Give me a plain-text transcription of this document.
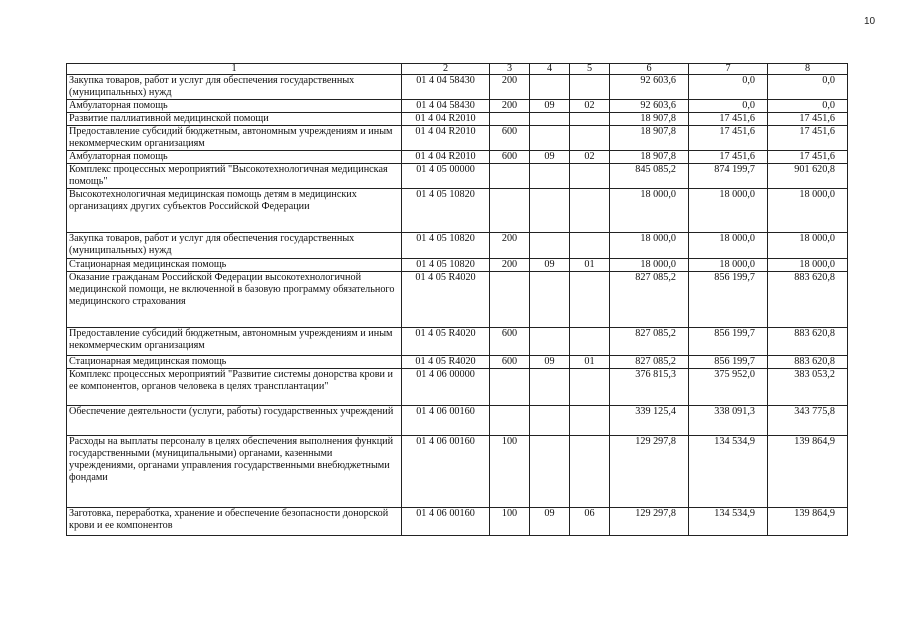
10
1	2	3	4	5	6	7	8
Закупка товаров, работ и услуг для обеспечения государственных (муниципальных) нужд	01 4 04 58430	200			92 603,6	0,0	0,0
Амбулаторная помощь	01 4 04 58430	200	09	02	92 603,6	0,0	0,0
Развитие паллиативной медицинской помощи	01 4 04 R2010				18 907,8	17 451,6	17 451,6
Предоставление субсидий бюджетным, автономным учреждениям и иным некоммерческим организациям	01 4 04 R2010	600			18 907,8	17 451,6	17 451,6
Амбулаторная помощь	01 4 04 R2010	600	09	02	18 907,8	17 451,6	17 451,6
Комплекс процессных мероприятий "Высокотехнологичная медицинская помощь"	01 4 05 00000				845 085,2	874 199,7	901 620,8
Высокотехнологичная медицинская помощь детям в медицинских организациях других субъектов Российской Федерации	01 4 05 10820				18 000,0	18 000,0	18 000,0
Закупка товаров, работ и услуг для обеспечения государственных (муниципальных) нужд	01 4 05 10820	200			18 000,0	18 000,0	18 000,0
Стационарная медицинская помощь	01 4 05 10820	200	09	01	18 000,0	18 000,0	18 000,0
Оказание гражданам Российской Федерации высокотехнологичной медицинской помощи, не включенной в базовую программу обязательного медицинского страхования	01 4 05 R4020				827 085,2	856 199,7	883 620,8
Предоставление субсидий бюджетным, автономным учреждениям и иным некоммерческим организациям	01 4 05 R4020	600			827 085,2	856 199,7	883 620,8
Стационарная медицинская помощь	01 4 05 R4020	600	09	01	827 085,2	856 199,7	883 620,8
Комплекс процессных мероприятий "Развитие системы донорства крови и ее компонентов, органов человека в целях трансплантации"	01 4 06 00000				376 815,3	375 952,0	383 053,2
Обеспечение деятельности (услуги, работы) государственных учреждений	01 4 06 00160				339 125,4	338 091,3	343 775,8
Расходы на выплаты персоналу в целях обеспечения выполнения функций государственными (муниципальными) органами, казенными учреждениями, органами управления государственными внебюджетными фондами	01 4 06 00160	100			129 297,8	134 534,9	139 864,9
Заготовка, переработка, хранение и обеспечение безопасности донорской крови и ее компонентов	01 4 06 00160	100	09	06	129 297,8	134 534,9	139 864,9
